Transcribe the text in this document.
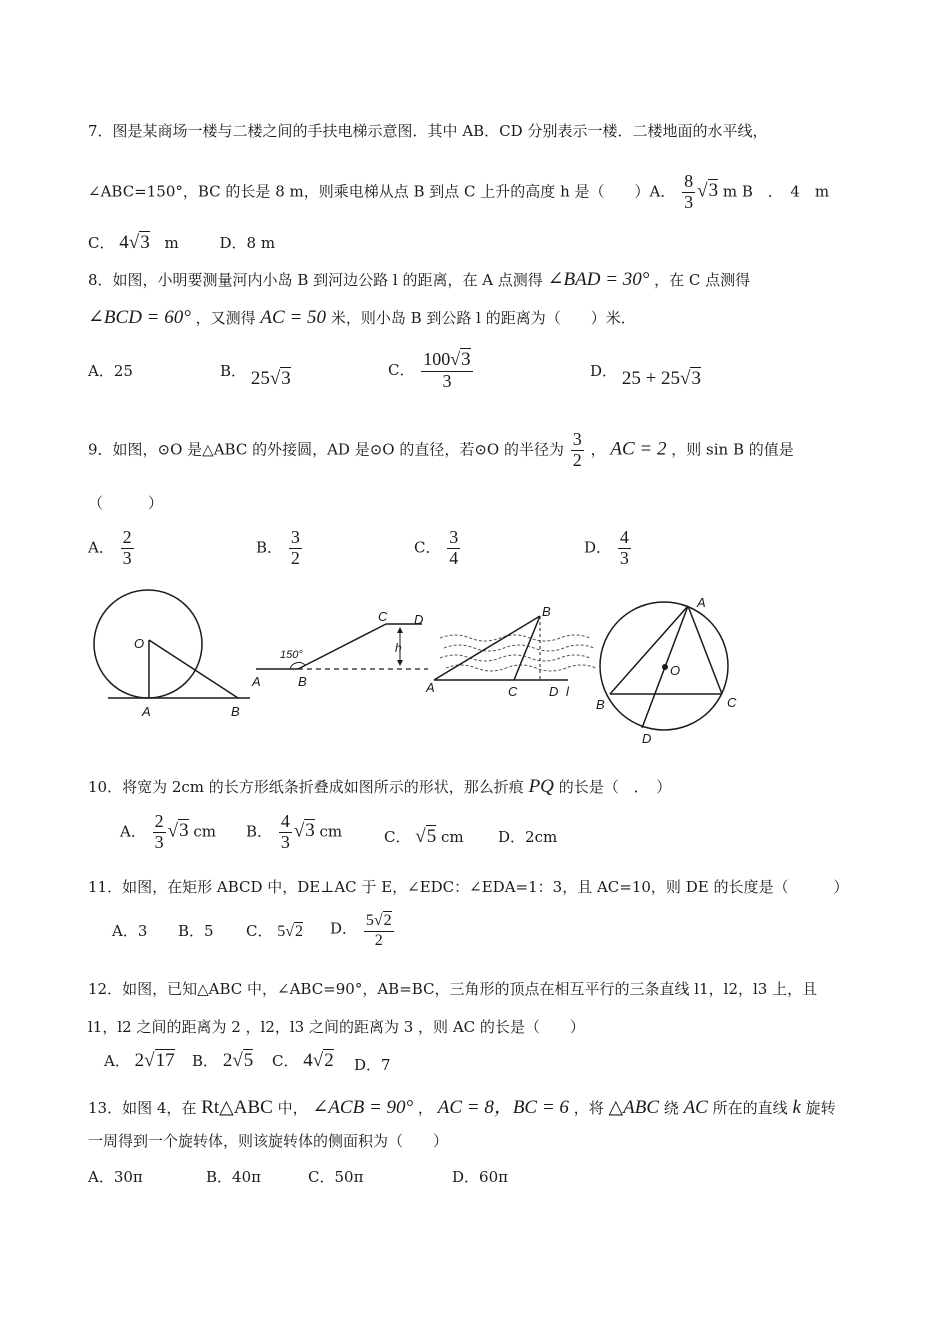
7．图是某商场一楼与二楼之间的手扶电梯示意图．其中 AB．CD 分别表示一楼．二楼地面的水平线，
∠ABC=150°，BC 的长是 8 m，则乘电梯从点 B 到点 C 上升的高度 h 是（　　）A． $\frac{8}{3} √3$ m B　．　4　m
C． 4√3 m	D．8 m
8．如图，小明要测量河内小岛 B 到河边公路 l 的距离，在 A 点测得 ∠BAD = 30° ，在 C 点测得
∠BCD = 60° ，又测得 AC = 50 米，则小岛 B 到公路 l 的距离为（　　）米．
A．25	B． 25√3	C． $\frac{100√3}{3}$	D． 25 + 25√3
9．如图，⊙O 是△ABC 的外接圆，AD 是⊙O 的直径，若⊙O 的半径为 $\frac{3}{2}$ ， AC = 2 ，则 sin B 的值是
（　　　）
A． $\frac{2}{3}$	B． $\frac{3}{2}$	C． $\frac{3}{4}$	D． $\frac{4}{3}$
O
A	B
150°
A	B
C D
h
A
B
C D l
A
B	C
D
O
10．将宽为 2cm 的长方形纸条折叠成如图所示的形状，那么折痕 PQ 的长是（　．　）
A． $\frac{2}{3} √3$ cm B． $\frac{4}{3} √3$ cm	C． √5 cm D．2cm
11．如图，在矩形 ABCD 中，DE⊥AC 于 E，∠EDC：∠EDA=1：3，且 AC=10，则 DE 的长度是（　　　）
A．3 B．5 C． 5√2 D． $\frac{5√2}{2}$
12．如图，已知△ABC 中，∠ABC=90°，AB=BC，三角形的顶点在相互平行的三条直线 l1，l2，l3 上，且
l1，l2 之间的距离为 2 ，l2，l3 之间的距离为 3 ，则 AC 的长是（　　）
A． 2√17 B． 2√5 C． 4√2 D．7
13．如图 4，在 Rt△ABC 中， ∠ACB = 90° ， AC = 8，BC = 6 ，将 △ABC 绕 AC 所在的直线 k 旋转
一周得到一个旋转体，则该旋转体的侧面积为（　　）
A．30π	B．40π	C．50π	D．60π
